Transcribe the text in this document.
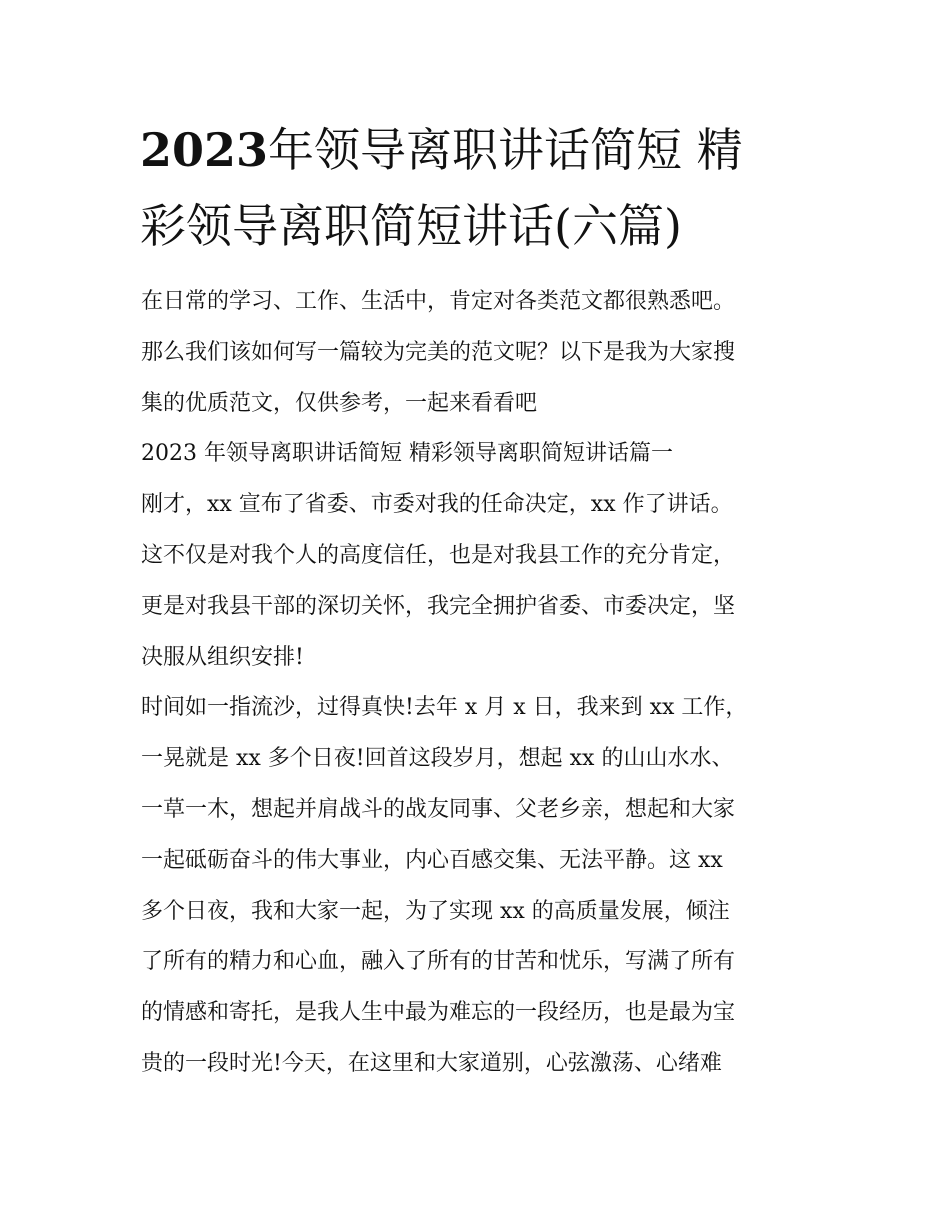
2023年领导离职讲话简短 精
彩领导离职简短讲话(六篇)
在日常的学习、工作、生活中，肯定对各类范文都很熟悉吧。
那么我们该如何写一篇较为完美的范文呢？以下是我为大家搜
集的优质范文，仅供参考，一起来看看吧
2023 年领导离职讲话简短 精彩领导离职简短讲话篇一
刚才，xx 宣布了省委、市委对我的任命决定，xx 作了讲话。
这不仅是对我个人的高度信任，也是对我县工作的充分肯定，
更是对我县干部的深切关怀，我完全拥护省委、市委决定，坚
决服从组织安排!
时间如一指流沙，过得真快!去年 x 月 x 日，我来到 xx 工作，
一晃就是 xx 多个日夜!回首这段岁月，想起 xx 的山山水水、
一草一木，想起并肩战斗的战友同事、父老乡亲，想起和大家
一起砥砺奋斗的伟大事业，内心百感交集、无法平静。这 xx
多个日夜，我和大家一起，为了实现 xx 的高质量发展，倾注
了所有的精力和心血，融入了所有的甘苦和忧乐，写满了所有
的情感和寄托，是我人生中最为难忘的一段经历，也是最为宝
贵的一段时光!今天，在这里和大家道别，心弦激荡、心绪难
